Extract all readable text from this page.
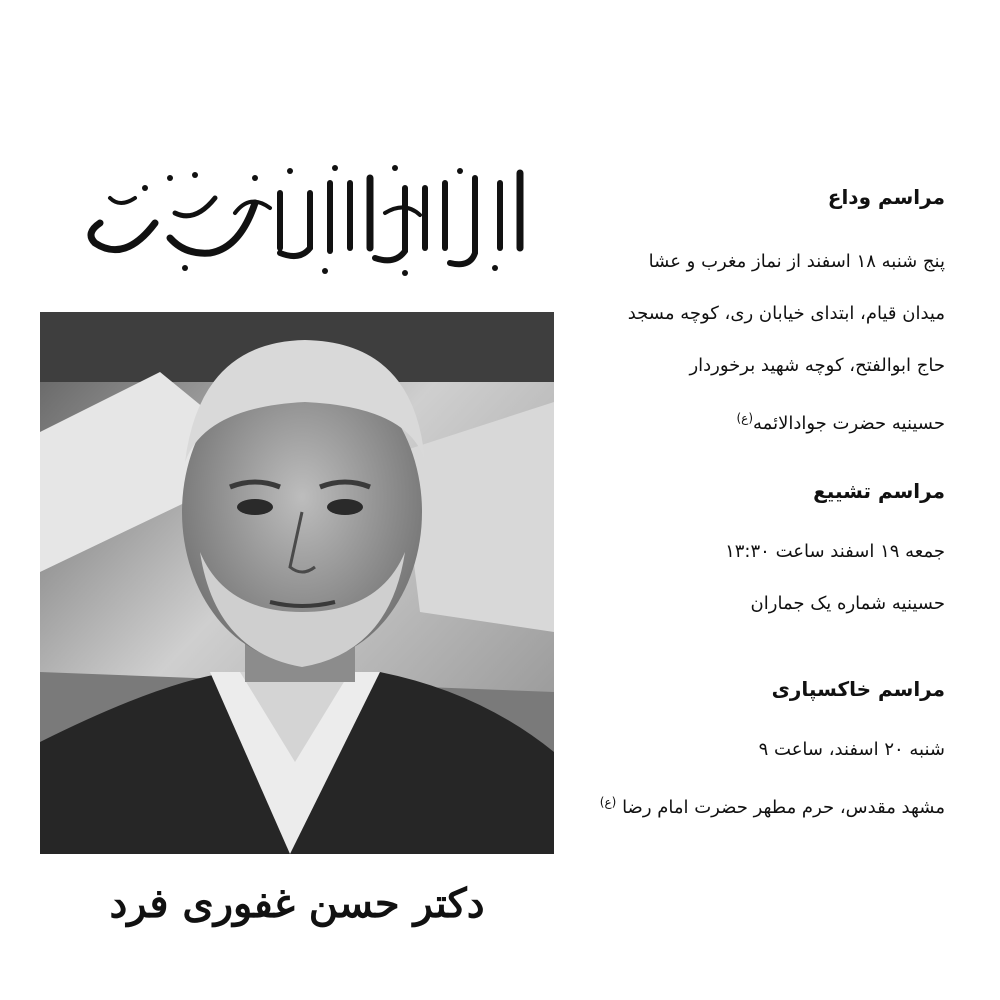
دکتر حسن غفوری فرد
مراسم وداع
پنج شنبه ۱۸ اسفند از نماز مغرب و عشا
میدان قیام، ابتدای خیابان ری، کوچه مسجد
حاج ابوالفتح، کوچه شهید برخوردار
حسینیه حضرت جوادالائمه$^{(ع)}$
مراسم تشییع
جمعه ۱۹ اسفند ساعت ۱۳:۳۰
حسینیه شماره یک جماران
مراسم خاکسپاری
شنبه ۲۰ اسفند، ساعت ۹
مشهد مقدس، حرم مطهر حضرت امام رضا $^{(ع)}$
